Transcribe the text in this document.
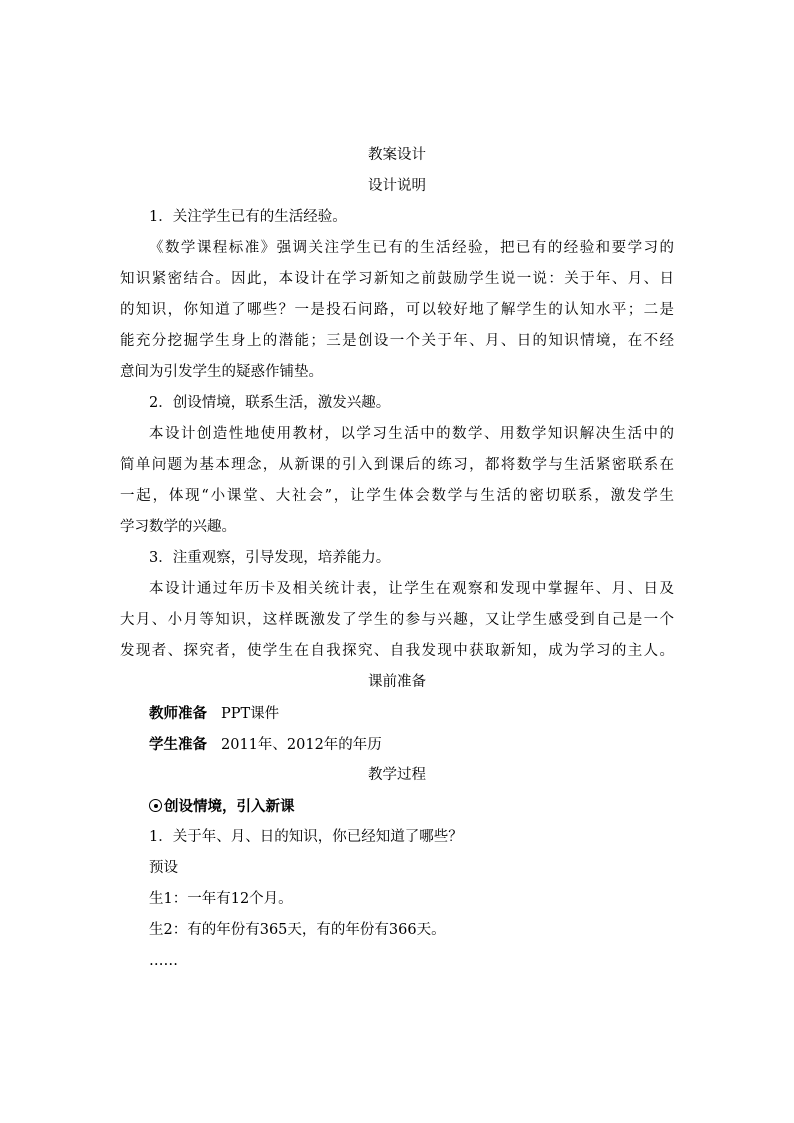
教案设计
设计说明
1．关注学生已有的生活经验。
《数学课程标准》强调关注学生已有的生活经验，把已有的经验和要学习的
知识紧密结合。因此，本设计在学习新知之前鼓励学生说一说：关于年、月、日
的知识，你知道了哪些？一是投石问路，可以较好地了解学生的认知水平；二是
能充分挖掘学生身上的潜能；三是创设一个关于年、月、日的知识情境，在不经
意间为引发学生的疑惑作铺垫。
2．创设情境，联系生活，激发兴趣。
本设计创造性地使用教材，以学习生活中的数学、用数学知识解决生活中的
简单问题为基本理念，从新课的引入到课后的练习，都将数学与生活紧密联系在
一起，体现“小课堂、大社会”，让学生体会数学与生活的密切联系，激发学生
学习数学的兴趣。
3．注重观察，引导发现，培养能力。
本设计通过年历卡及相关统计表，让学生在观察和发现中掌握年、月、日及
大月、小月等知识，这样既激发了学生的参与兴趣，又让学生感受到自己是一个
发现者、探究者，使学生在自我探究、自我发现中获取新知，成为学习的主人。
课前准备
教师准备 PPT课件
学生准备 2011年、2012年的年历
教学过程
创设情境，引入新课
1．关于年、月、日的知识，你已经知道了哪些？
预设
生1：一年有12个月。
生2：有的年份有365天，有的年份有366天。
……
